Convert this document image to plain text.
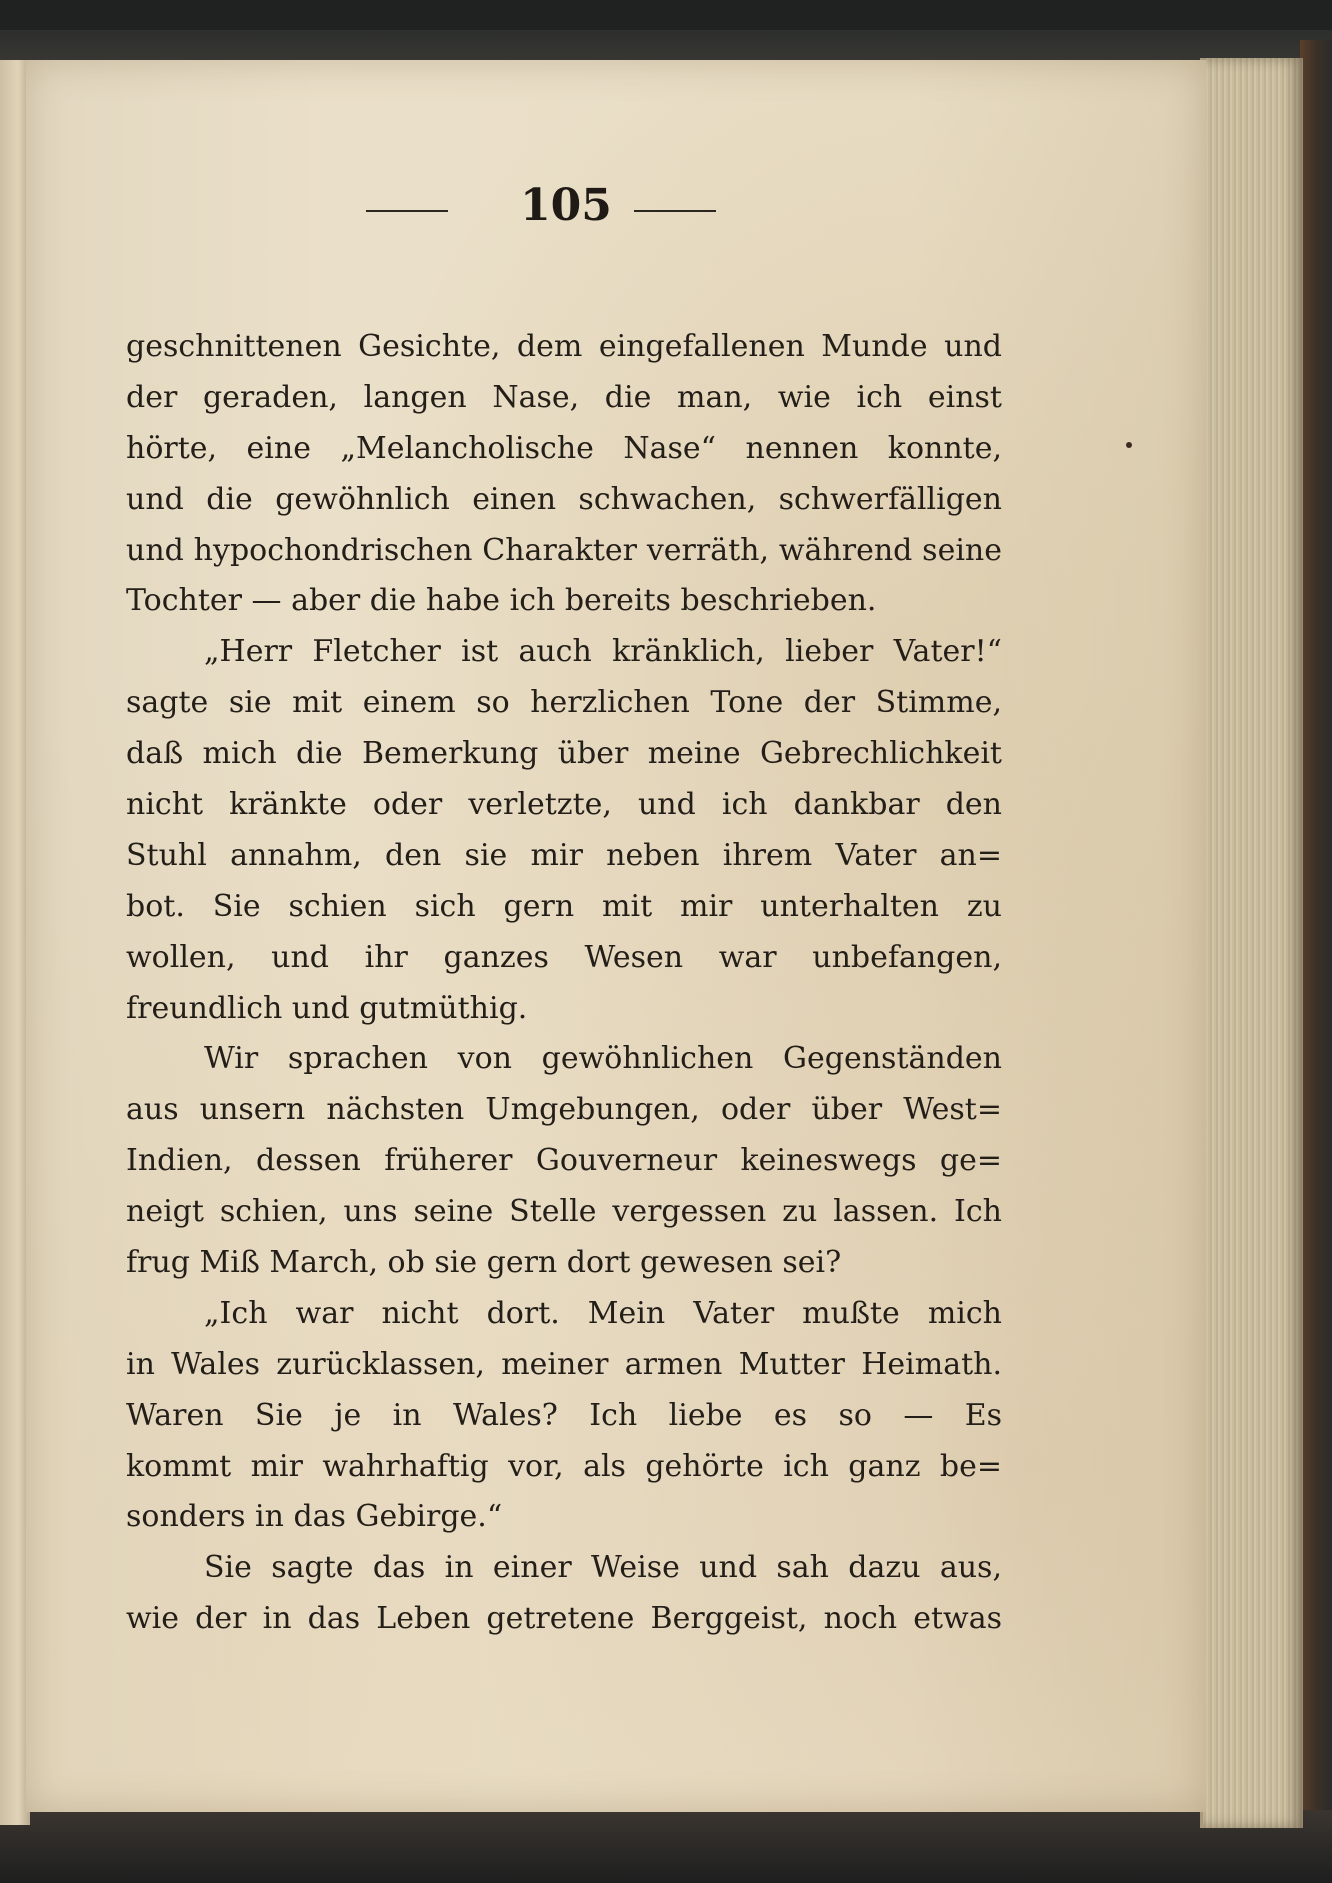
105

geschnittenen Gesichte, dem eingefallenen Munde und
der geraden, langen Nase, die man, wie ich einst
hörte, eine „Melancholische Nase“ nennen konnte,
und die gewöhnlich einen schwachen, schwerfälligen
und hypochondrischen Charakter verräth, während seine
Tochter — aber die habe ich bereits beschrieben.
„Herr Fletcher ist auch kränklich, lieber Vater!“
sagte sie mit einem so herzlichen Tone der Stimme,
daß mich die Bemerkung über meine Gebrechlichkeit
nicht kränkte oder verletzte, und ich dankbar den
Stuhl annahm, den sie mir neben ihrem Vater an=
bot. Sie schien sich gern mit mir unterhalten zu
wollen, und ihr ganzes Wesen war unbefangen,
freundlich und gutmüthig.
Wir sprachen von gewöhnlichen Gegenständen
aus unsern nächsten Umgebungen, oder über West=
Indien, dessen früherer Gouverneur keineswegs ge=
neigt schien, uns seine Stelle vergessen zu lassen. Ich
frug Miß March, ob sie gern dort gewesen sei?
„Ich war nicht dort. Mein Vater mußte mich
in Wales zurücklassen, meiner armen Mutter Heimath.
Waren Sie je in Wales? Ich liebe es so — Es
kommt mir wahrhaftig vor, als gehörte ich ganz be=
sonders in das Gebirge.“
Sie sagte das in einer Weise und sah dazu aus,
wie der in das Leben getretene Berggeist, noch etwas
